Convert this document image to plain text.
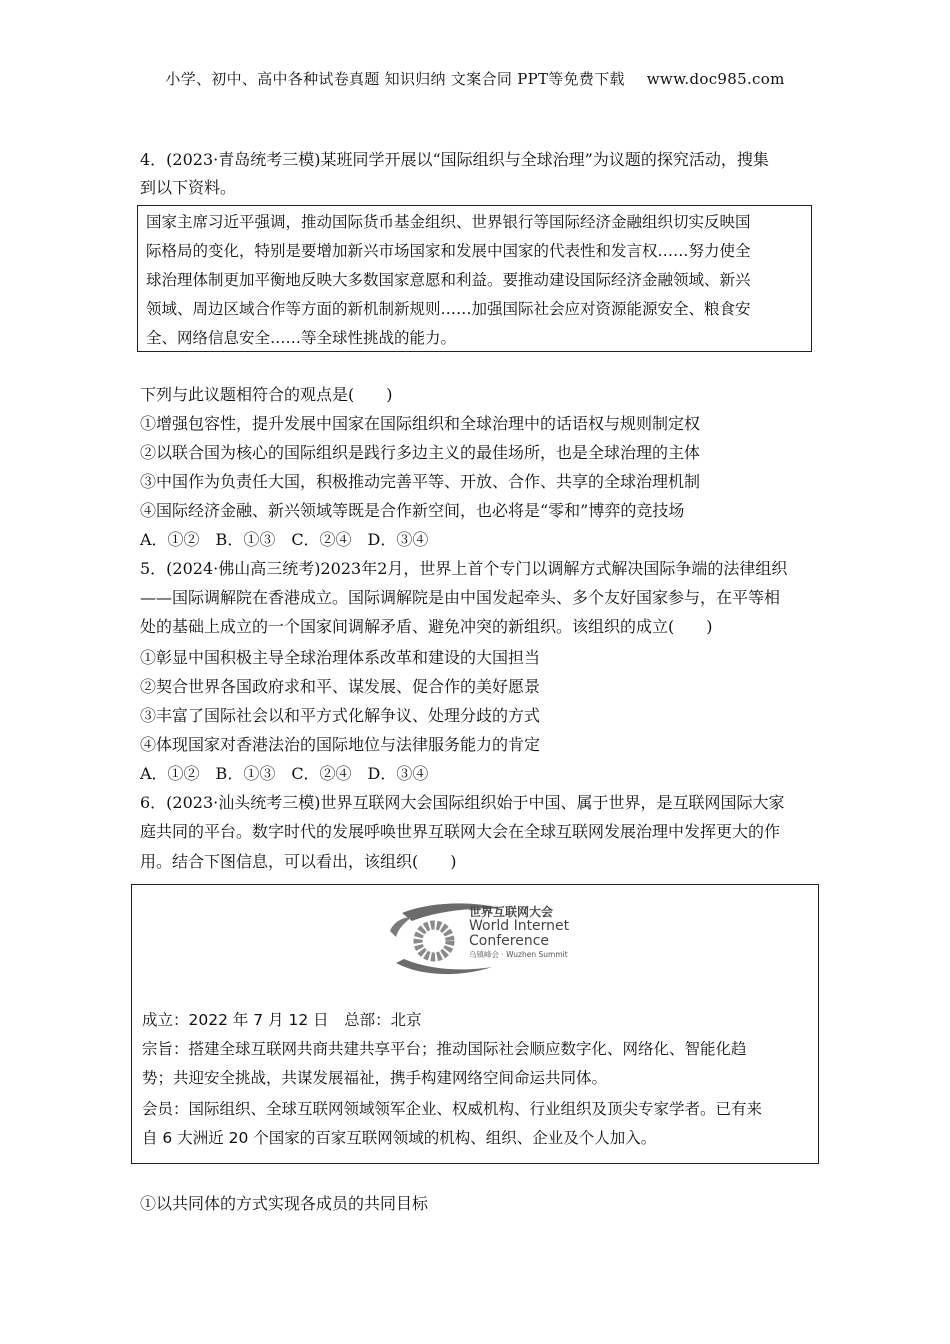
小学、初中、高中各种试卷真题 知识归纳 文案合同 PPT等免费下载 www.doc985.com
4．(2023·青岛统考三模)某班同学开展以“国际组织与全球治理”为议题的探究活动，搜集
到以下资料。

国家主席习近平强调，推动国际货币基金组织、世界银行等国际经济金融组织切实反映国

际格局的变化，特别是要增加新兴市场国家和发展中国家的代表性和发言权……努力使全

球治理体制更加平衡地反映大多数国家意愿和利益。要推动建设国际经济金融领域、新兴

领域、周边区域合作等方面的新机制新规则……加强国际社会应对资源能源安全、粮食安

全、网络信息安全……等全球性挑战的能力。

下列与此议题相符合的观点是(　　)
①增强包容性，提升发展中国家在国际组织和全球治理中的话语权与规则制定权
②以联合国为核心的国际组织是践行多边主义的最佳场所，也是全球治理的主体
③中国作为负责任大国，积极推动完善平等、开放、合作、共享的全球治理机制
④国际经济金融、新兴领域等既是合作新空间，也必将是“零和”博弈的竞技场
A．①②　B．①③　C．②④　D．③④
5．(2024·佛山高三统考)2023年2月，世界上首个专门以调解方式解决国际争端的法律组织
——国际调解院在香港成立。国际调解院是由中国发起牵头、多个友好国家参与，在平等相
处的基础上成立的一个国家间调解矛盾、避免冲突的新组织。该组织的成立(　　)
①彰显中国积极主导全球治理体系改革和建设的大国担当
②契合世界各国政府求和平、谋发展、促合作的美好愿景
③丰富了国际社会以和平方式化解争议、处理分歧的方式
④体现国家对香港法治的国际地位与法律服务能力的肯定
A．①②　B．①③　C．②④　D．③④
6．(2023·汕头统考三模)世界互联网大会国际组织始于中国、属于世界，是互联网国际大家
庭共同的平台。数字时代的发展呼唤世界互联网大会在全球互联网发展治理中发挥更大的作
用。结合下图信息，可以看出，该组织(　　)
世界互联网大会
World Internet
Conference
乌镇峰会 · Wuzhen Summit
成立：2022 年 7 月 12 日　总部：北京
宗旨：搭建全球互联网共商共建共享平台；推动国际社会顺应数字化、网络化、智能化趋
势；共迎安全挑战，共谋发展福祉，携手构建网络空间命运共同体。
会员：国际组织、全球互联网领域领军企业、权威机构、行业组织及顶尖专家学者。已有来
自 6 大洲近 20 个国家的百家互联网领域的机构、组织、企业及个人加入。
①以共同体的方式实现各成员的共同目标
